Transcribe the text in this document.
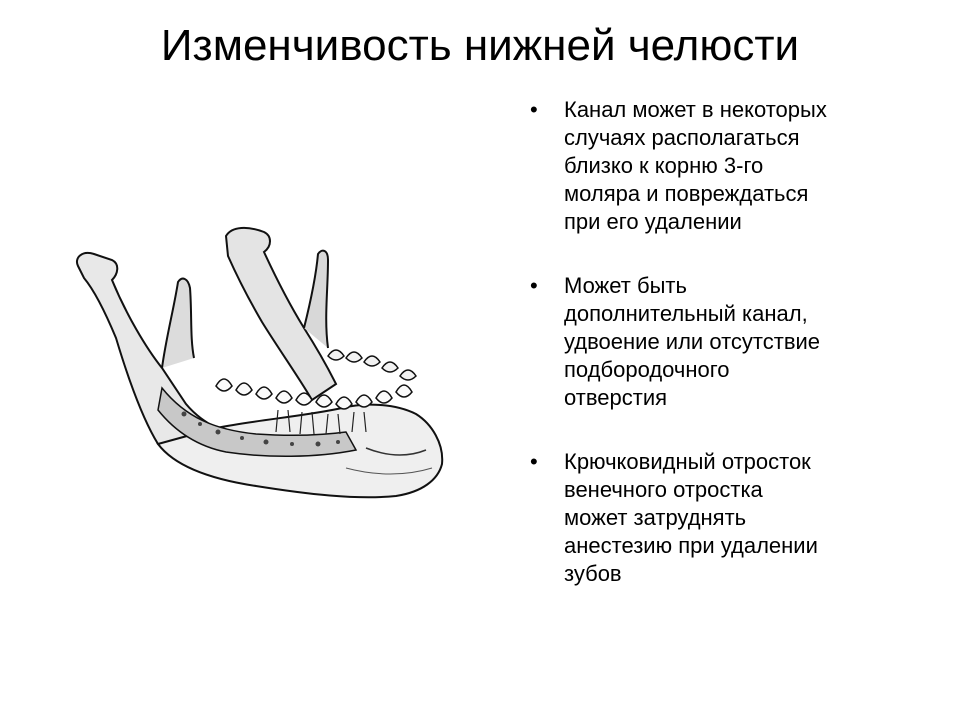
Изменчивость нижней челюсти
• Канал может в некоторых
случаях располагаться
близко к корню 3-го
моляра и повреждаться
при его удалении
• Может быть
дополнительный канал,
удвоение или отсутствие
подбородочного
отверстия
• Крючковидный отросток
венечного отростка
может затруднять
анестезию при удалении
зубов
